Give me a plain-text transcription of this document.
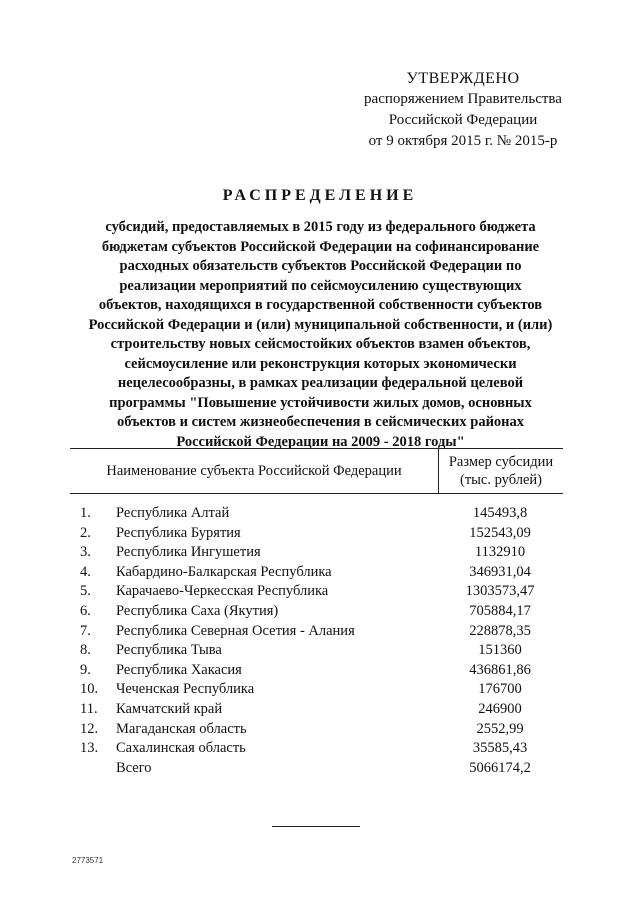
УТВЕРЖДЕНО
распоряжением Правительства
Российской Федерации
от 9 октября 2015 г. № 2015-р
РАСПРЕДЕЛЕНИЕ
субсидий, предоставляемых в 2015 году из федерального бюджета
бюджетам субъектов Российской Федерации на софинансирование
расходных обязательств субъектов Российской Федерации по
реализации мероприятий по сейсмоусилению существующих
объектов, находящихся в государственной собственности субъектов
Российской Федерации и (или) муниципальной собственности, и (или)
строительству новых сейсмостойких объектов взамен объектов,
сейсмоусиление или реконструкция которых экономически
нецелесообразны, в рамках реализации федеральной целевой
программы "Повышение устойчивости жилых домов, основных
объектов и систем жизнеобеспечения в сейсмических районах
Российской Федерации на 2009 - 2018 годы"
Наименование субъекта Российской Федерации
Размер субсидии
(тыс. рублей)
1.	Республика Алтай	145493,8
2.	Республика Бурятия	152543,09
3.	Республика Ингушетия	1132910
4.	Кабардино-Балкарская Республика	346931,04
5.	Карачаево-Черкесская Республика	1303573,47
6.	Республика Саха (Якутия)	705884,17
7.	Республика Северная Осетия - Алания	228878,35
8.	Республика Тыва	151360
9.	Республика Хакасия	436861,86
10.	Чеченская Республика	176700
11.	Камчатский край	246900
12.	Магаданская область	2552,99
13.	Сахалинская область	35585,43
Всего	5066174,2
2773571
